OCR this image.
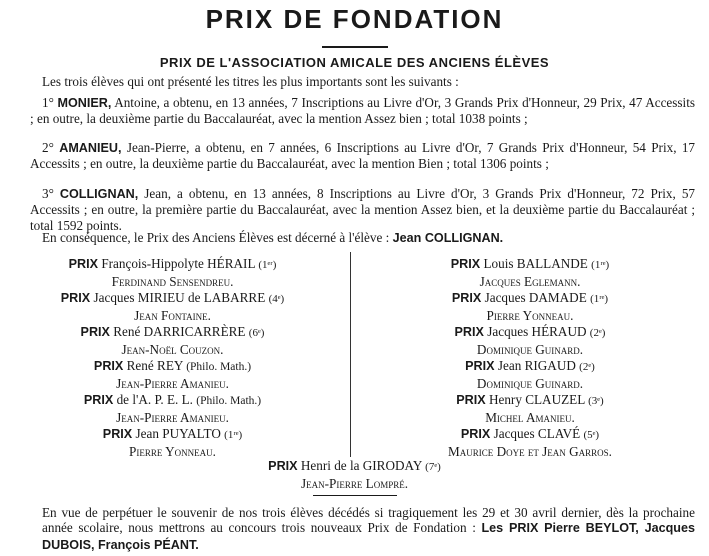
PRIX DE FONDATION
PRIX DE L'ASSOCIATION AMICALE DES ANCIENS ÉLÈVES
Les trois élèves qui ont présenté les titres les plus importants sont les suivants :
1° MONIER, Antoine, a obtenu, en 13 années, 7 Inscriptions au Livre d'Or, 3 Grands Prix d'Honneur, 29 Prix, 47 Accessits ; en outre, la deuxième partie du Baccalauréat, avec la mention Assez bien ; total 1038 points ;
2° AMANIEU, Jean-Pierre, a obtenu, en 7 années, 6 Inscriptions au Livre d'Or, 7 Grands Prix d'Honneur, 54 Prix, 17 Accessits ; en outre, la deuxième partie du Baccalauréat, avec la mention Bien ; total 1306 points ;
3° COLLIGNAN, Jean, a obtenu, en 13 années, 8 Inscriptions au Livre d'Or, 3 Grands Prix d'Honneur, 72 Prix, 57 Accessits ; en outre, la première partie du Baccalauréat, avec la mention Assez bien, et la deuxième partie du Baccalauréat ; total 1592 points.
En conséquence, le Prix des Anciens Élèves est décerné à l'élève : Jean COLLIGNAN.
PRIX François-Hippolyte HÉRAIL (1ᵉʳ)
Ferdinand Sensendreu.
PRIX Jacques MIRIEU de LABARRE (4ᵉ)
Jean Fontaine.
PRIX René DARRICARRÈRE (6ᵉ)
Jean-Noël Couzon.
PRIX René REY (Philo. Math.)
Jean-Pierre Amanieu.
PRIX de l'A. P. E. L. (Philo. Math.)
Jean-Pierre Amanieu.
PRIX Jean PUYALTO (1ʳᵉ)
Pierre Yonneau.
PRIX Louis BALLANDE (1ʳᵉ)
Jacques Eglemann.
PRIX Jacques DAMADE (1ʳᵉ)
Pierre Yonneau.
PRIX Jacques HÉRAUD (2ᵉ)
Dominique Guinard.
PRIX Jean RIGAUD (2ᵉ)
Dominique Guinard.
PRIX Henry CLAUZEL (3ᵉ)
Michel Amanieu.
PRIX Jacques CLAVÉ (5ᵉ)
Maurice Doye et Jean Garros.
PRIX Henri de la GIRODAY (7ᵉ)
Jean-Pierre Lompré.
En vue de perpétuer le souvenir de nos trois élèves décédés si tragiquement les 29 et 30 avril dernier, dès la prochaine année scolaire, nous mettrons au concours trois nouveaux Prix de Fondation : Les PRIX Pierre BEYLOT, Jacques DUBOIS, François PÉANT.
